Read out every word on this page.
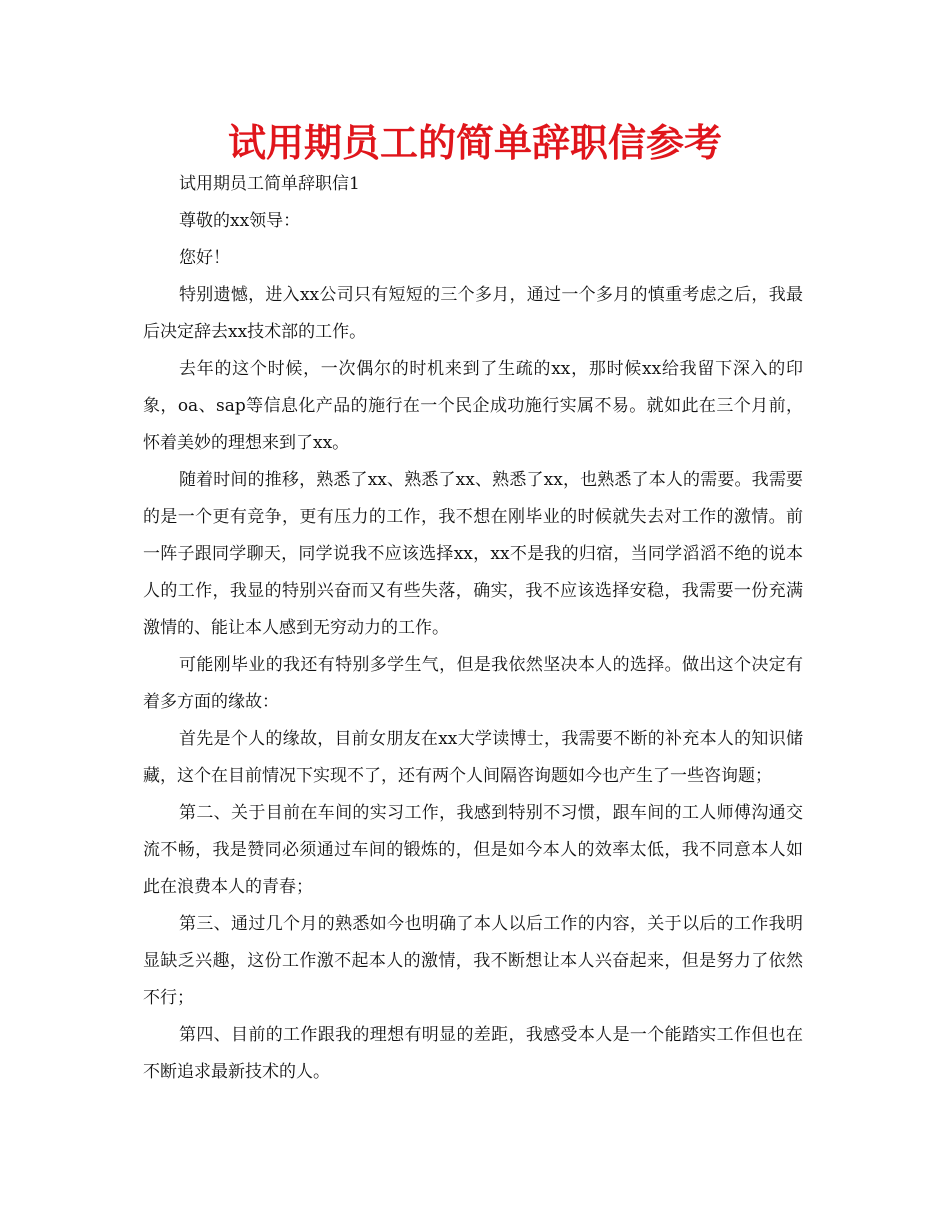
试用期员工的简单辞职信参考

试用期员工简单辞职信1

尊敬的xx领导：

您好！

特别遗憾，进入xx公司只有短短的三个多月，通过一个多月的慎重考虑之后，我最后决定辞去xx技术部的工作。

去年的这个时候，一次偶尔的时机来到了生疏的xx，那时候xx给我留下深入的印象，oa、sap等信息化产品的施行在一个民企成功施行实属不易。就如此在三个月前，怀着美妙的理想来到了xx。

随着时间的推移，熟悉了xx、熟悉了xx、熟悉了xx，也熟悉了本人的需要。我需要的是一个更有竞争，更有压力的工作，我不想在刚毕业的时候就失去对工作的激情。前一阵子跟同学聊天，同学说我不应该选择xx，xx不是我的归宿，当同学滔滔不绝的说本人的工作，我显的特别兴奋而又有些失落，确实，我不应该选择安稳，我需要一份充满激情的、能让本人感到无穷动力的工作。

可能刚毕业的我还有特别多学生气，但是我依然坚决本人的选择。做出这个决定有着多方面的缘故：

首先是个人的缘故，目前女朋友在xx大学读博士，我需要不断的补充本人的知识储藏，这个在目前情况下实现不了，还有两个人间隔咨询题如今也产生了一些咨询题；

第二、关于目前在车间的实习工作，我感到特别不习惯，跟车间的工人师傅沟通交流不畅，我是赞同必须通过车间的锻炼的，但是如今本人的效率太低，我不同意本人如此在浪费本人的青春；

第三、通过几个月的熟悉如今也明确了本人以后工作的内容，关于以后的工作我明显缺乏兴趣，这份工作激不起本人的激情，我不断想让本人兴奋起来，但是努力了依然不行；

第四、目前的工作跟我的理想有明显的差距，我感受本人是一个能踏实工作但也在不断追求最新技术的人。
